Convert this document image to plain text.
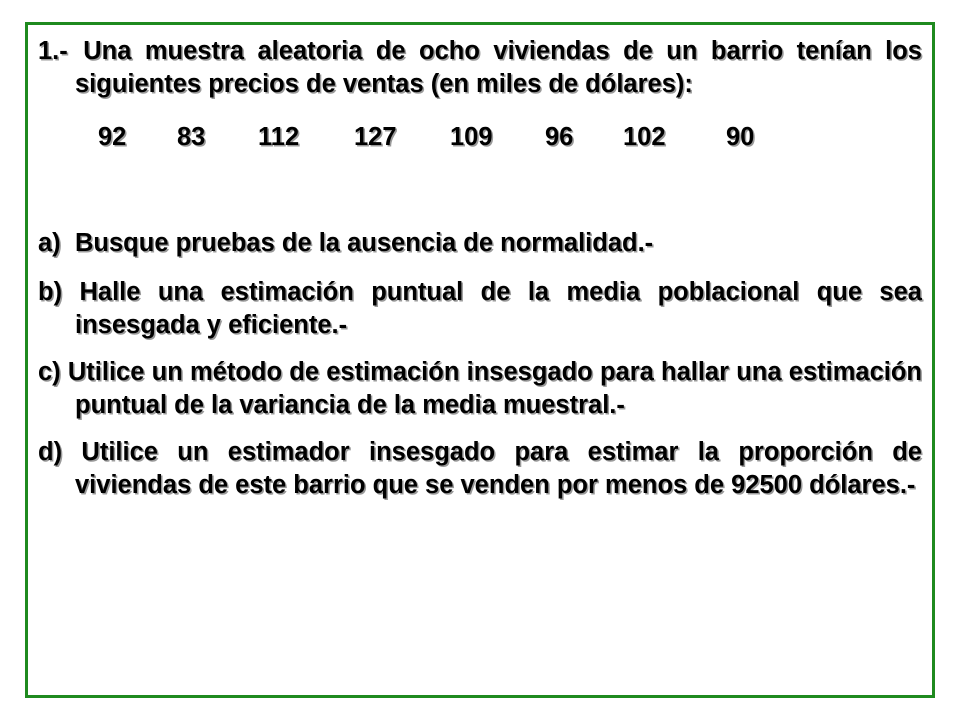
1.- Una muestra aleatoria de ocho viviendas de un barrio tenían los siguientes precios de ventas (en miles de dólares):

92 83 112 127 109 96 102 90

a) Busque pruebas de la ausencia de normalidad.-

b) Halle una estimación puntual de la media poblacional que sea insesgada y eficiente.-

c) Utilice un método de estimación insesgado para hallar una estimación puntual de la variancia de la media muestral.-

d) Utilice un estimador insesgado para estimar la proporción de viviendas de este barrio que se venden por menos de 92500 dólares.-
